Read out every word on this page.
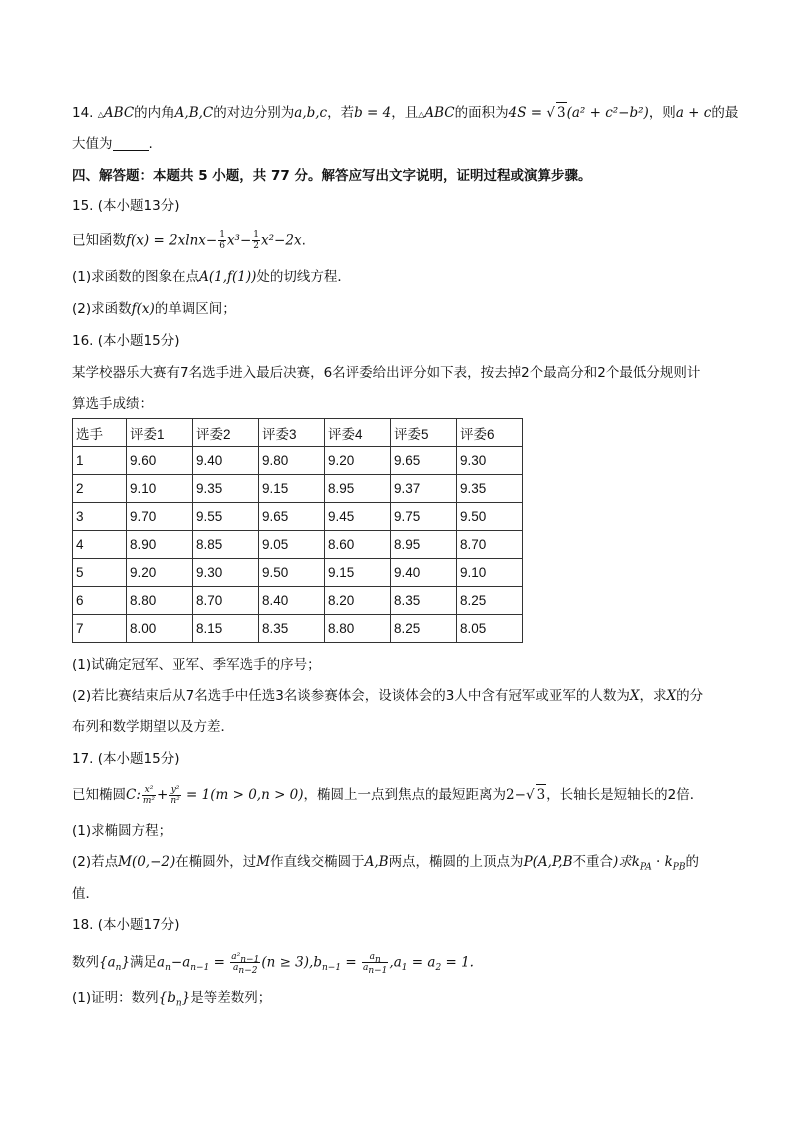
14. △ABC的内角A,B,C的对边分别为a,b,c，若b = 4，且△ABC的面积为4S = √ 3(a² + c²−b²)，则a + c的最
大值为	.
四、解答题：本题共 5 小题，共 77 分。解答应写出文字说明，证明过程或演算步骤。
15. (本小题13分)
已知函数$f(x) = 2xlnx- \frac{1}{6} x^3- \frac{1}{2} x^2-2x$.
(1)求函数的图象在点A(1,f(1))处的切线方程．
(2)求函数f(x)的单调区间；
16. (本小题15分)
某学校器乐大赛有7名选手进入最后决赛，6名评委给出评分如下表，按去掉2个最高分和2个最低分规则计
算选手成绩：
选手	评委1	评委2	评委3	评委4	评委5	评委6
1	9.60	9.40	9.80	9.20	9.65	9.30
2	9.10	9.35	9.15	8.95	9.37	9.35
3	9.70	9.55	9.65	9.45	9.75	9.50
4	8.90	8.85	9.05	8.60	8.95	8.70
5	9.20	9.30	9.50	9.15	9.40	9.10
6	8.80	8.70	8.40	8.20	8.35	8.25
7	8.00	8.15	8.35	8.80	8.25	8.05
(1)试确定冠军、亚军、季军选手的序号；
(2)若比赛结束后从7名选手中任选3名谈参赛体会，设谈体会的3人中含有冠军或亚军的人数为X，求X的分
布列和数学期望以及方差．
17. (本小题15分)
已知椭圆C: $\frac{\text{x²}}{\text{m²}} + \frac{\text{y²}}{\text{n²}} = 1(m > 0,n > 0)$，椭圆上一点到焦点的最短距离为2−√ 3，长轴长是短轴长的2倍．
(1)求椭圆方程；
(2)若点M(0,−2)在椭圆外，过M作直线交椭圆于A,B两点，椭圆的上顶点为P(A,P,B不重合)求$k_{PA} \cdot k_{PB}$的
值．
18. (本小题17分)
数列$\{a_n\}$满足$a_n-a_{n-1} = \frac{a^2_{n-1}}{a_{n-2}} (n \ge 3),b_{n-1} = \frac{a_n}{a_{n-1}} ,a_1 = a_2 = 1$.
(1)证明：数列$\{b_n\}$是等差数列；
